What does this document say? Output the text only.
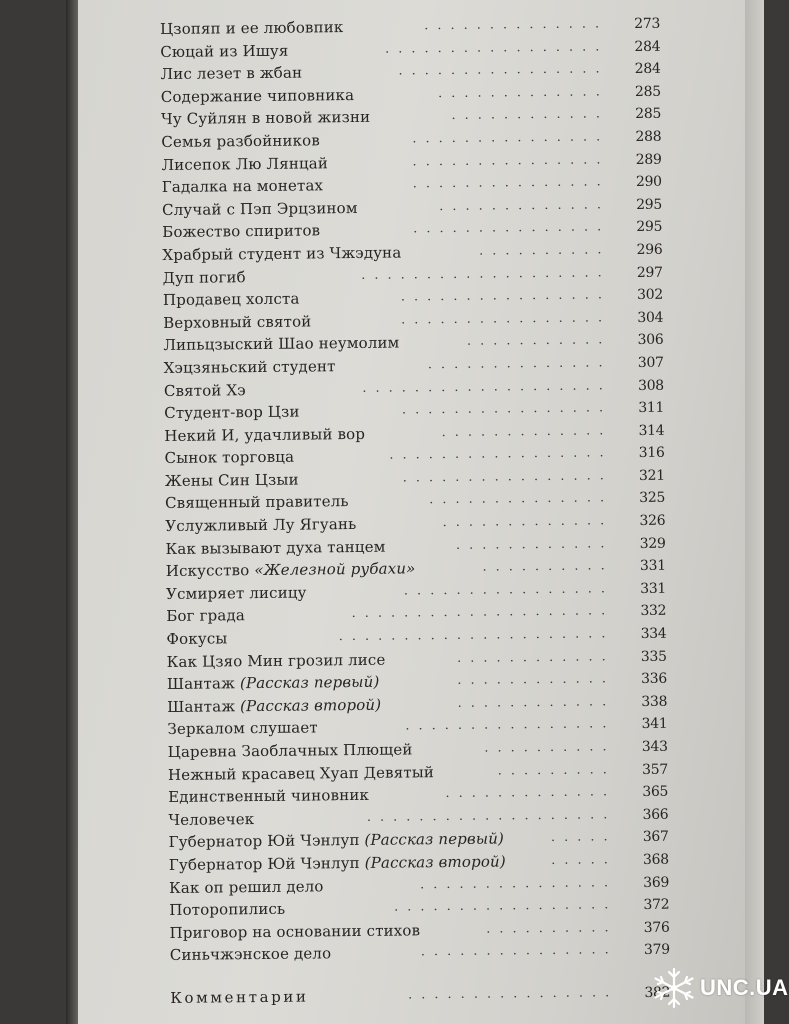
Цзопяп и ее любовпик	273
..............
Сюцай из Ишуя	284
.................
Лис лезет в жбан	284
................
Содержание чиповника	285
.............
Чу Суйлян в новой жизни	285
............
Семья разбойников	288
...............
Лисепок Лю Лянцай	289
...............
Гадалка на монетах	290
...............
Случай с Пэп Эрцзином	295
.............
Божество спиритов	295
...............
Храбрый студент из Чжэдуна	296
..........
Дуп погиб	297
...................
Продавец холста	302
................
Верховный святой	304
................
Липьцзыский Шао неумолим	306
...........
Хэцзяньский студент	307
..............
Святой Хэ	308
...................
Студент-вор Цзи	311
................
Некий И, удачливый вор	314
.............
Сынок торговца	316
.................
Жены Син Цзыи	321
................
Священный правитель	325
..............
Услужливый Лу Ягуань	326
.............
Как вызывают духа танцем	329
............
Искусство «Железной рубахи»	331
..........
Усмиряет лисицу	331
................
Бог града	332
....................
Фокусы	334
.....................
Как Цзяо Мин грозил лисе	335
............
Шантаж (Рассказ первый)	336
............
Шантаж (Рассказ второй)	338
............
Зеркалом слушает	341
................
Царевна Заоблачных Плющей	343
..........
Нежный красавец Хуап Девятый	357
.........
Единственный чиновник	365
.............
Человечек	366
...................
Губернатор Юй Чэнлуп (Рассказ первый)	367
.....
Губернатор Юй Чэнлуп (Рассказ второй)	368
.....
Как оп решил дело	369
...............
Поторопились	372
.................
Приговор на основании стихов	376
..........
Синьчжэнское дело	379
...............
Комментарии	382
................	UNC.UA
